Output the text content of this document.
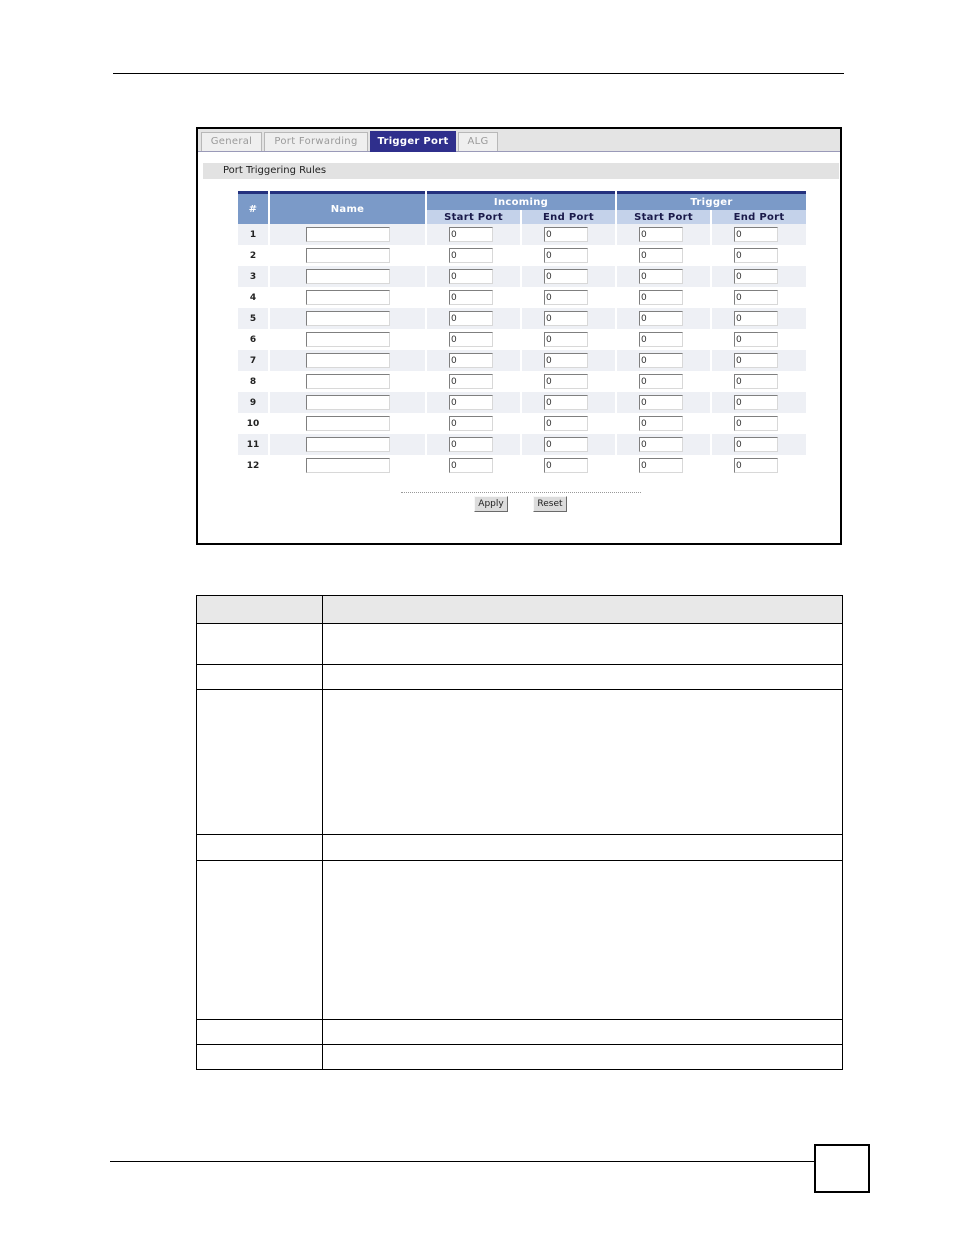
General	Port Forwarding	Trigger Port	ALG
Port Triggering Rules
#	Name	Incoming		Trigger	
		Start Port	End Port	Start Port	End Port
1		0	0	0	0
2		0	0	0	0
3		0	0	0	0
4		0	0	0	0
5		0	0	0	0
6		0	0	0	0
7		0	0	0	0
8		0	0	0	0
9		0	0	0	0
10		0	0	0	0
11		0	0	0	0
12		0	0	0	0
Apply	Reset
